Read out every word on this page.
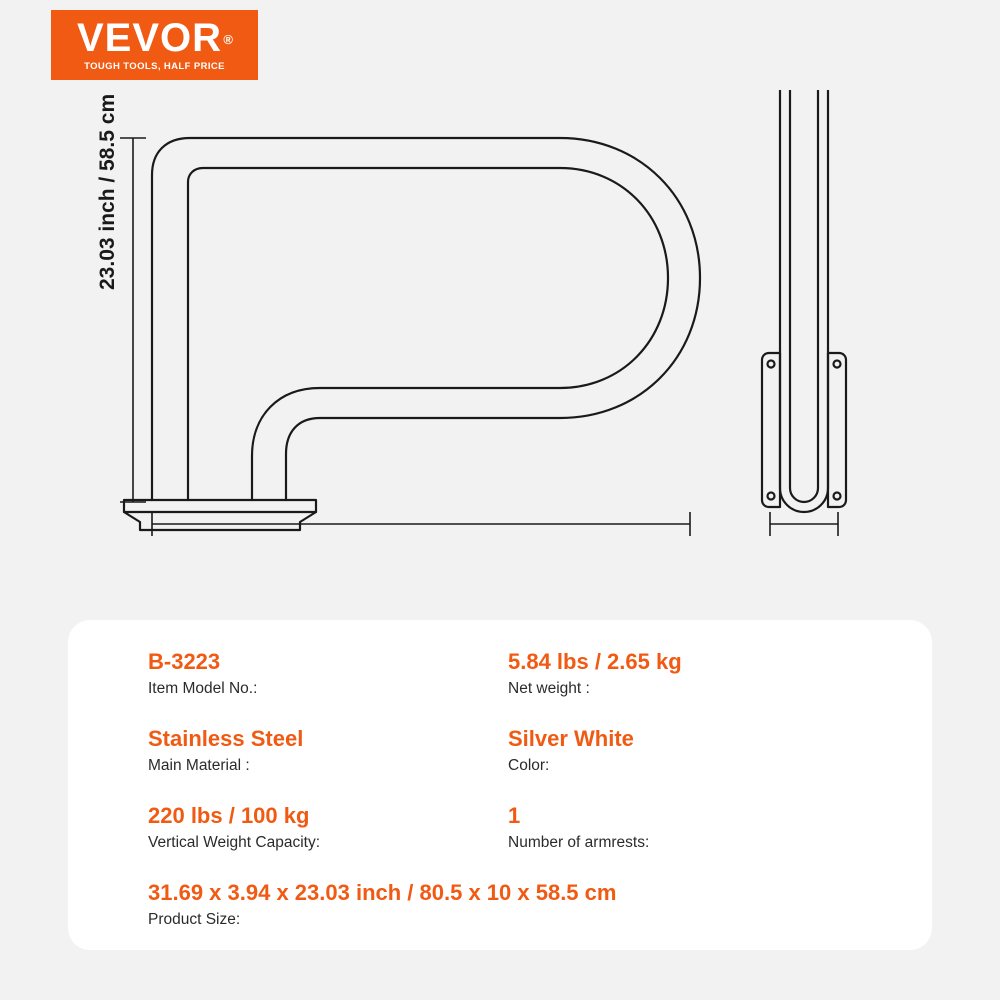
VEVOR ®
TOUGH TOOLS, HALF PRICE
23.03 inch / 58.5 cm
B-3223
Item Model No.:
5.84 lbs / 2.65 kg
Net weight :
Stainless Steel
Main Material :
Silver White
Color:
220 lbs / 100 kg
Vertical Weight Capacity:
1
Number of armrests:
31.69 x 3.94 x 23.03 inch / 80.5 x 10 x 58.5 cm
Product Size:
